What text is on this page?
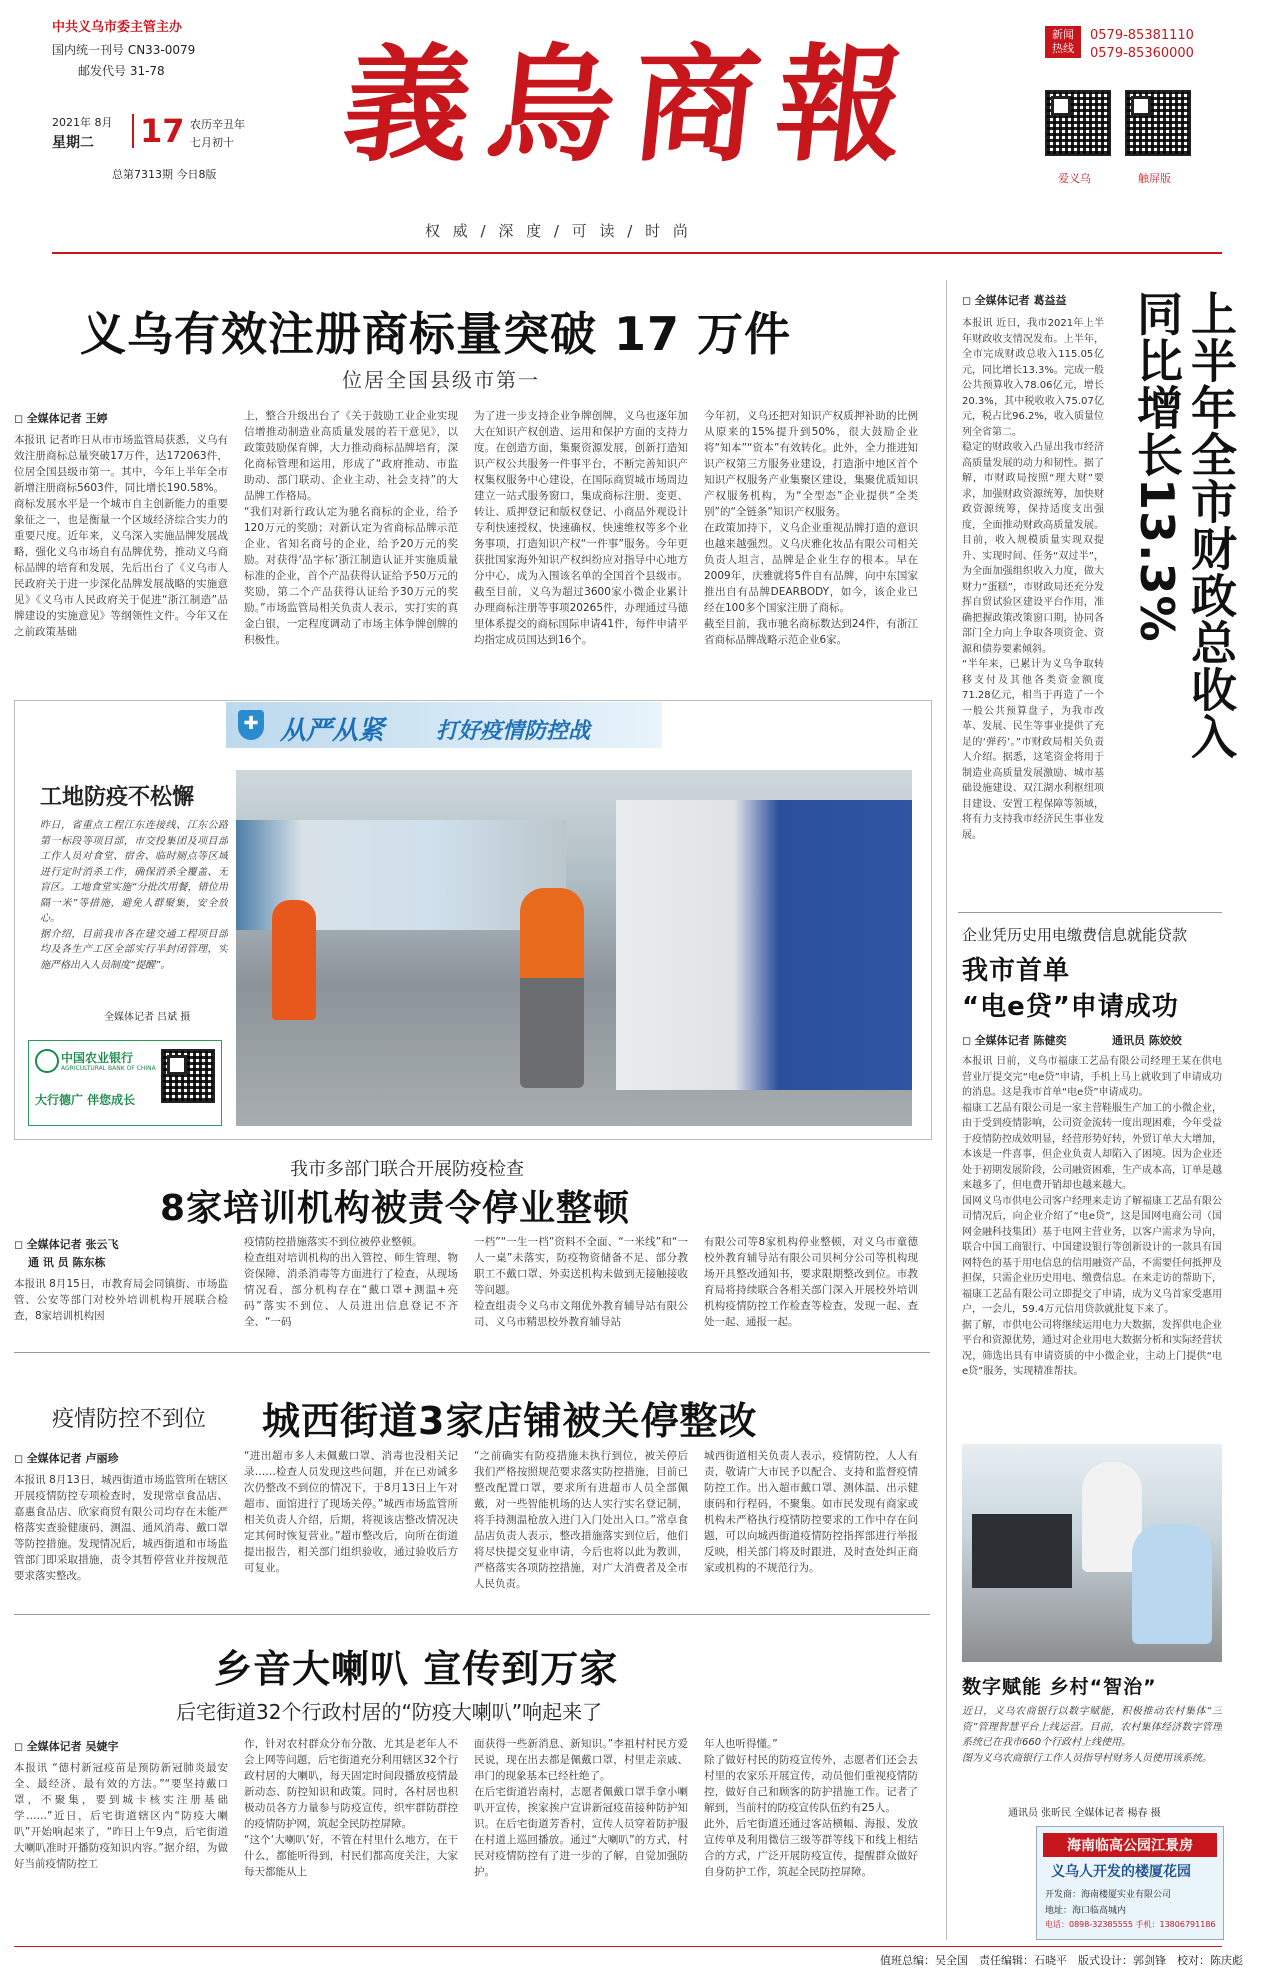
中共义乌市委主管主办
国内统一刊号 CN33-0079
邮发代号 31-78
2021年 8月
星期二 17 农历辛丑年
七月初十
总第7313期 今日8版 義烏商報
权 威 / 深 度 / 可 读 / 时 尚
新闻 热线
0579-85381110
0579-85360000
爱义乌	触屏版
义乌有效注册商标量突破 17 万件
位居全国县级市第一
◻ 全媒体记者 王婷
本报讯 记者昨日从市市场监管局获悉，义乌有效注册商标总量突破17万件，达172063件，位居全国县级市第一。其中，今年上半年全市新增注册商标5603件，同比增长190.58%。
商标发展水平是一个城市自主创新能力的重要象征之一，也是衡量一个区域经济综合实力的重要尺度。近年来，义乌深入实施品牌发展战略，强化义乌市场自有品牌优势，推动义乌商标品牌的培育和发展，先后出台了《义乌市人民政府关于进一步深化品牌发展战略的实施意见》《义乌市人民政府关于促进“浙江制造”品牌建设的实施意见》等纲领性文件。今年又在之前政策基础
上，整合升级出台了《关于鼓励工业企业实现信增推动制造业高质量发展的若干意见》，以政策鼓励保育牌，大力推动商标品牌培育，深化商标管理和运用，形成了“政府推动、市监助动、部门联动、企业主动、社会支持”的大品牌工作格局。
“我们对新行政认定为驰名商标的企业，给予120万元的奖励；对新认定为省商标品牌示范企业、省知名商号的企业，给予20万元的奖励。对获得‘品字标’浙江制造认证并实施质量标准的企业，首个产品获得认证给予50万元的奖励，第二个产品获得认证给予30万元的奖励。”市场监管局相关负责人表示，实打实的真金白银，一定程度调动了市场主体争牌创牌的积极性。
为了进一步支持企业争牌创牌，义乌也逐年加大在知识产权创造、运用和保护方面的支持力度。在创造方面，集聚资源发展，创新打造知识产权公共服务一件事平台，不断完善知识产权集权服务中心建设，在国际商贸城市场周边建立一站式服务窗口，集成商标注册、变更、转让、质押登记和版权登记、小商品外观设计专利快速授权、快速确权、快速维权等多个业务事项，打造知识产权“一件事”服务。今年更获批国家海外知识产权纠纷应对指导中心地方分中心，成为入围该名单的全国首个县级市。截至目前，义乌为超过3600家小微企业累计办理商标注册等事项20265件，办理通过马德里体系提交的商标国际申请41件，每件申请平均指定成员国达到16个。
今年初，义乌还把对知识产权质押补助的比例从原来的15%提升到50%，很大鼓励企业将“知本”“资本”有效转化。此外，全力推进知识产权第三方服务业建设，打造浙中地区首个知识产权服务产业集聚区建设，集聚优质知识产权服务机构，为“全型态”企业提供“全类别”的“全链条”知识产权服务。
在政策加持下，义乌企业重视品牌打造的意识也越来越强烈。义乌庆雅化妆品有限公司相关负责人坦言，品牌是企业生存的根本。早在2009年，庆雅就将5件自有品牌，向中东国家推出自有品牌DEARBODY，如今，该企业已经在100多个国家注册了商标。
截至目前，我市驰名商标数达到24件，有浙江省商标品牌战略示范企业6家。
◻ 全媒体记者 葛益益
本报讯 近日，我市2021年上半年财政收支情况发布。上半年，全市完成财政总收入115.05亿元，同比增长13.3%。完成一般公共预算收入78.06亿元，增长20.3%，其中税收收入75.07亿元，税占比96.2%，收入质量位列全省第二。
稳定的财政收入凸显出我市经济高质量发展的动力和韧性。据了解，市财政局按照“理大财”要求，加强财政资源统筹，加快财政资源统筹，保持适度支出强度，全面推动财政高质量发展。目前，收入规模质量实现双提升、实现时间、任务“双过半”，为全面加强组织收入力度，做大财力“蛋糕”，市财政局还充分发挥自贸试验区建设平台作用，准确把握政策改策窗口期，协同各部门全力向上争取各项资金、资源和债券要素倾斜。
“半年来，已累计为义乌争取转移支付及其他各类资金额度71.28亿元，相当于再造了一个一般公共预算盘子，为我市改革、发展、民生等事业提供了充足的‘弹药’。”市财政局相关负责人介绍。据悉，这笔资金将用于制造业高质量发展激励、城市基础设施建设、双江湖水利枢纽项目建设、安置工程保障等领域，将有力支持我市经济民生事业发展。
上半年全市财政总收入同比增长13.3%
✚ 从严从紧 打好疫情防控战
工地防疫不松懈
昨日，省重点工程江东连接线、江东公路第一标段等项目部，市交投集团及项目部工作人员对食堂、宿舍、临时厕点等区域进行定时消杀工作，确保消杀全覆盖、无盲区。工地食堂实施“分批次用餐，错位用隔一米”等措施，避免人群聚集，安全放心。
据介绍，目前我市各在建交通工程项目部均及各生产工区全部实行半封闭管理，实施严格出入人员制度“提醒”。
全媒体记者 吕斌 摄
中国农业银行
AGRICULTURAL BANK OF CHINA
大行德广 伴您成长
我市多部门联合开展防疫检查
8家培训机构被责令停业整顿
◻ 全媒体记者 张云飞
通 讯 员 陈东栋
本报讯 8月15日，市教育局会同镇街、市场监管、公安等部门对校外培训机构开展联合检查，8家培训机构因
疫情防控措施落实不到位被停业整顿。
检查组对培训机构的出入管控、师生管理、物资保障、消杀消毒等方面进行了检查，从现场情况看，部分机构存在“戴口罩+测温+亮码”落实不到位、人员进出信息登记不齐全、“一码
一档”“一生一档”资料不全面、“一米线”和“一人一桌”未落实，防疫物资储备不足、部分教职工不戴口罩、外卖送机构未做到无接触接收等问题。
检查组责令义乌市文翔优外教育辅导站有限公司、义乌市精思校外教育辅导站
有限公司等8家机构停业整顿，对义乌市童德校外教育辅导站有限公司贝柯分公司等机构现场开具整改通知书，要求限期整改到位。市教育局将持续联合各相关部门深入开展校外培训机构疫情防控工作检查等检查，发现一起、查处一起、通报一起。
疫情防控不到位 城西街道3家店铺被关停整改
◻ 全媒体记者 卢丽珍
本报讯 8月13日，城西街道市场监管所在辖区开展疫情防控专项检查时，发现常卓食品店、嘉惠食品店、欣家商贸有限公司均存在未能严格落实查验健康码、测温、通风消毒、戴口罩等防控措施。发现情况后，城西街道和市场监管部门即采取措施，责令其暂停营业并按规范要求落实整改。
“进出超市多人未佩戴口罩、消毒也没相关记录……检查人员发现这些问题，并在已劝诫多次仍整改不到位的情况下，于8月13日上午对超市、面馆进行了现场关停。”城西市场监管所相关负责人介绍，后期，将视该店整改情况决定其何时恢复营业。”超市整改后，向所在街道提出报告，相关部门组织验收，通过验收后方可复业。
“之前确实有防疫措施未执行到位，被关停后我们严格按照规范要求落实防控措施，目前已整改配置口罩，要求所有进超市人员全部佩戴，对一些智能机场的达人实行实名登记制，将手持测温枪放入进门入门处出入口。”常卓食品店负责人表示，整改措施落实到位后，他们将尽快提交复业申请，今后也将以此为教训，严格落实各项防控措施，对广大消费者及全市人民负责。
城西街道相关负责人表示，疫情防控，人人有责，敬请广大市民予以配合、支持和监督疫情防控工作。出入超市戴口罩、测体温、出示健康码和行程码，不聚集。如市民发现有商家或机构未严格执行疫情防控要求的工作中存在问题，可以向城西街道疫情防控指挥部进行举报反映，相关部门将及时跟进，及时查处纠正商家或机构的不规范行为。
乡音大喇叭 宣传到万家
后宅街道32个行政村居的“防疫大喇叭”响起来了
◻ 全媒体记者 吴婕宇
本报讯 “德村新冠疫苗是预防新冠肺炎最安全、最经济、最有效的方法。”“要坚持戴口罩，不聚集，要到城卡核实注册基础学……”近日，后宅街道辖区内“防疫大喇叭”开始响起来了，“昨日上午9点，后宅街道大喇叭准时开播防疫知识内容。”据介绍，为做好当前疫情防控工
作，针对农村群众分布分散、尤其是老年人不会上网等问题，后宅街道充分利用辖区32个行政村居的大喇叭，每天固定时间段播放疫情最新动态、防控知识和政策。同时，各村居也积极动员各方力量参与防疫宣传，织牢群防群控的疫情防护网，筑起全民防控屏障。
“这个‘大喇叭’好，不管在村里什么地方，在干什么，都能听得到，村民们都高度关注，大家每天都能从上
面获得一些新消息、新知识。”李祖村村民方爱民说，现在出去都是佩戴口罩，村里走亲戚、串门的现象基本已经杜绝了。
在后宅街道岩南村，志愿者佩戴口罩手拿小喇叭开宣传，挨家挨户宣讲新冠疫苗接种防护知识。在后宅街道芳香村，宣传人员穿着防护服在村道上巡回播放。通过“大喇叭”的方式，村民对疫情防控有了进一步的了解，自觉加强防护。
年人也听得懂。”
除了做好村民的防疫宣传外，志愿者们还会去村里的农家乐开展宣传，动员他们重视疫情防控，做好自己和顾客的防护措施工作。记者了解到，当前村的防疫宣传队伍约有25人。
此外，后宅街道还通过客站横幅、海报、发放宣传单及利用微信三级等群等线下和线上相结合的方式，广泛开展防疫宣传，提醒群众做好自身防护工作，筑起全民防控屏障。
企业凭历史用电缴费信息就能贷款
我市首单
“电e贷”申请成功
◻ 全媒体记者 陈健奕	通讯员 陈姣姣
本报讯 日前，义乌市福康工艺品有限公司经理王某在供电营业厅提交完“电e贷”申请，手机上马上就收到了申请成功的消息。这是我市首单“电e贷”申请成功。
福康工艺品有限公司是一家主营鞋服生产加工的小微企业，由于受到疫情影响，公司资金流转一度出现困难，今年受益于疫情防控成效明显，经营形势好转，外贸订单大大增加，本该是一件喜事，但企业负责人却陷入了困境。因为企业还处于初期发展阶段，公司融资困难，生产成本高，订单是越来越多了，但电费开销却也越来越大。
国网义乌市供电公司客户经理来走访了解福康工艺品有限公司情况后，向企业介绍了“电e贷”，这是国网电商公司（国网金融科技集团）基于电网主营业务，以客户需求为导向，联合中国工商银行、中国建设银行等创新设计的一款具有国网特色的基于用电信息的信用融资产品，不需要任何抵押及担保，只需企业历史用电、缴费信息。在来走访的帮助下，福康工艺品有限公司立即提交了申请，成为义乌首家受惠用户，一会儿，59.4万元信用贷款就批复下来了。
据了解，市供电公司将继续运用电力大数据，发挥供电企业平台和资源优势，通过对企业用电大数据分析和实际经营状况，筛选出具有申请资质的中小微企业，主动上门提供“电e贷”服务，实现精准帮扶。
数字赋能 乡村“智治”
近日，义乌农商银行以数字赋能，积极推动农村集体“三资”管理智慧平台上线运营。目前，农村集体经济数字管理系统已在我市660个行政村上线使用。
图为义乌农商银行工作人员指导村财务人员使用该系统。
通讯员 张昕民 全媒体记者 楊春 摄
海南临高公园江景房
义乌人开发的楼厦花园
开发商：海南楼厦实业有限公司
地址：海口临高城内
电话：0898-32385555 手机：13806791186
值班总编：吴全国　责任编辑：石晓平　版式设计：郭剑锋　校对：陈庆彪
